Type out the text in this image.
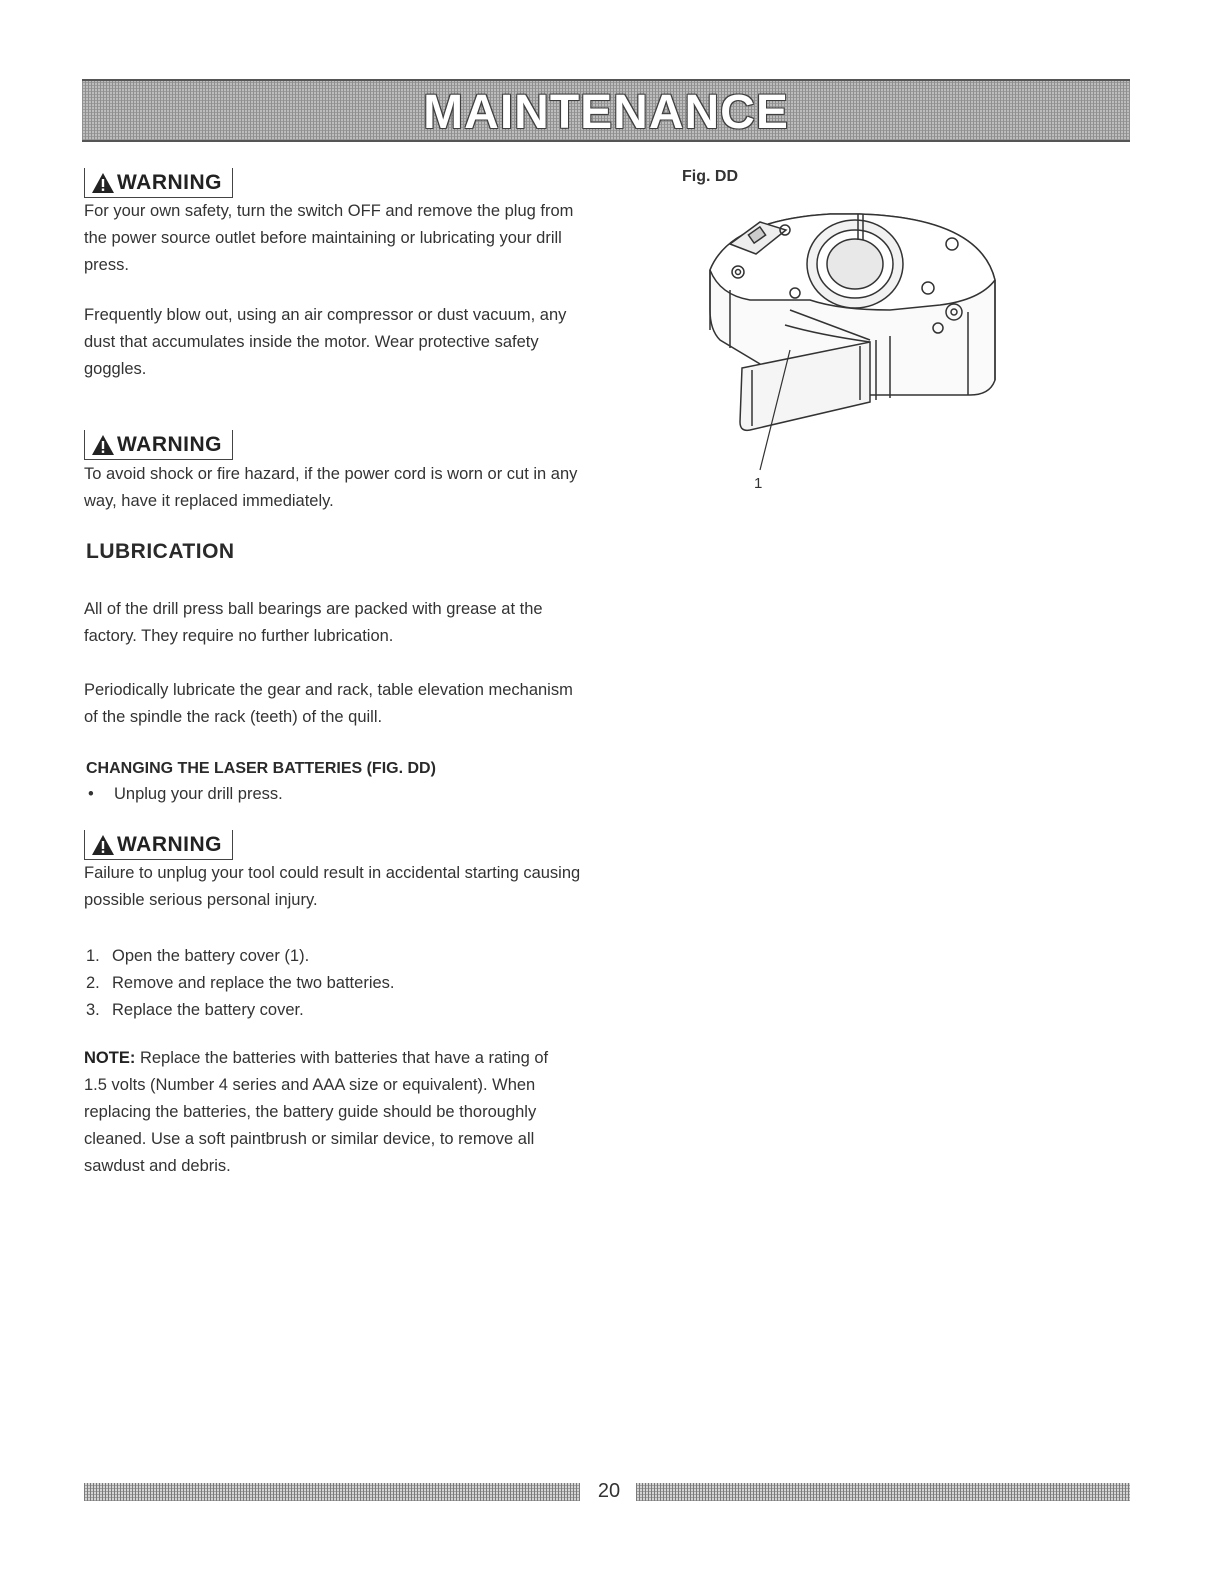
MAINTENANCE
WARNING

For your own safety, turn the switch OFF and remove the plug from the power source outlet before maintaining or lubricating your drill press.

Frequently blow out, using an air compressor or dust vacuum, any dust that accumulates inside the motor. Wear protective safety goggles.

WARNING

To avoid shock or fire hazard, if the power cord is worn or cut in any way, have it replaced immediately.

LUBRICATION

All of the drill press ball bearings are packed with grease at the factory. They require no further lubrication.

Periodically lubricate the gear and rack, table elevation mechanism of the spindle the rack (teeth) of the quill.

CHANGING THE LASER BATTERIES (FIG. DD)
• Unplug your drill press.
WARNING

Failure to unplug your tool could result in accidental starting causing possible serious personal injury.

1. Open the battery cover (1).
2. Remove and replace the two batteries.
3. Replace the battery cover.

NOTE: Replace the batteries with batteries that have a rating of 1.5 volts (Number 4 series and AAA size or equivalent). When replacing the batteries, the battery guide should be thoroughly cleaned. Use a soft paintbrush or similar device, to remove all sawdust and debris.

Fig. DD
1
20
